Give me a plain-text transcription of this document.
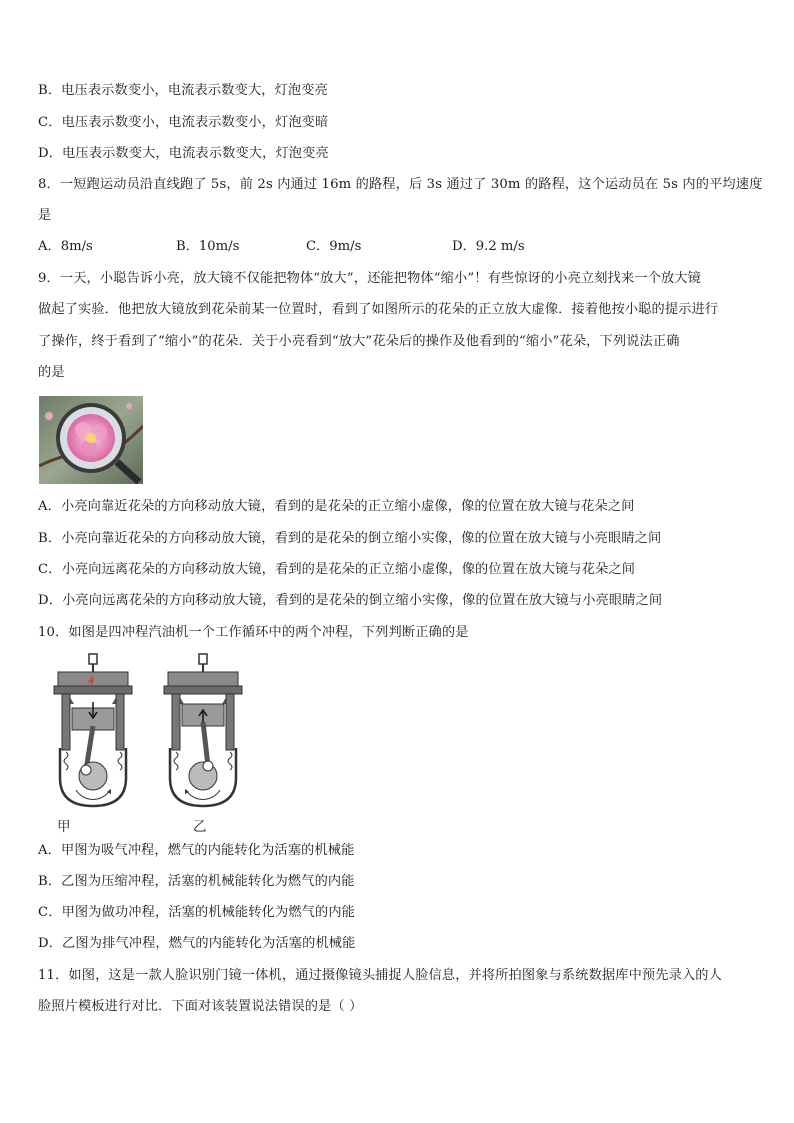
B．电压表示数变小，电流表示数变大，灯泡变亮
C．电压表示数变小，电流表示数变小，灯泡变暗
D．电压表示数变大，电流表示数变大，灯泡变亮
8．一短跑运动员沿直线跑了 5s，前 2s 内通过 16m 的路程，后 3s 通过了 30m 的路程，这个运动员在 5s 内的平均速度
是
A．8m/s	B．10m/s	C．9m/s	D．9.2 m/s
9．一天，小聪告诉小亮，放大镜不仅能把物体“放大”，还能把物体“缩小”！有些惊讶的小亮立刻找来一个放大镜
做起了实验．他把放大镜放到花朵前某一位置时，看到了如图所示的花朵的正立放大虚像．接着他按小聪的提示进行
了操作，终于看到了“缩小”的花朵．关于小亮看到“放大”花朵后的操作及他看到的“缩小”花朵，下列说法正确
的是
A．小亮向靠近花朵的方向移动放大镜，看到的是花朵的正立缩小虚像，像的位置在放大镜与花朵之间
B．小亮向靠近花朵的方向移动放大镜，看到的是花朵的倒立缩小实像，像的位置在放大镜与小亮眼睛之间
C．小亮向远离花朵的方向移动放大镜，看到的是花朵的正立缩小虚像，像的位置在放大镜与花朵之间
D．小亮向远离花朵的方向移动放大镜，看到的是花朵的倒立缩小实像，像的位置在放大镜与小亮眼睛之间
10．如图是四冲程汽油机一个工作循环中的两个冲程，下列判断正确的是
甲	乙
A．甲图为吸气冲程，燃气的内能转化为活塞的机械能
B．乙图为压缩冲程，活塞的机械能转化为燃气的内能
C．甲图为做功冲程，活塞的机械能转化为燃气的内能
D．乙图为排气冲程，燃气的内能转化为活塞的机械能
11．如图，这是一款人脸识别门镜一体机，通过摄像镜头捕捉人脸信息，并将所拍图象与系统数据库中预先录入的人
脸照片模板进行对比．下面对该装置说法错误的是（ ）
